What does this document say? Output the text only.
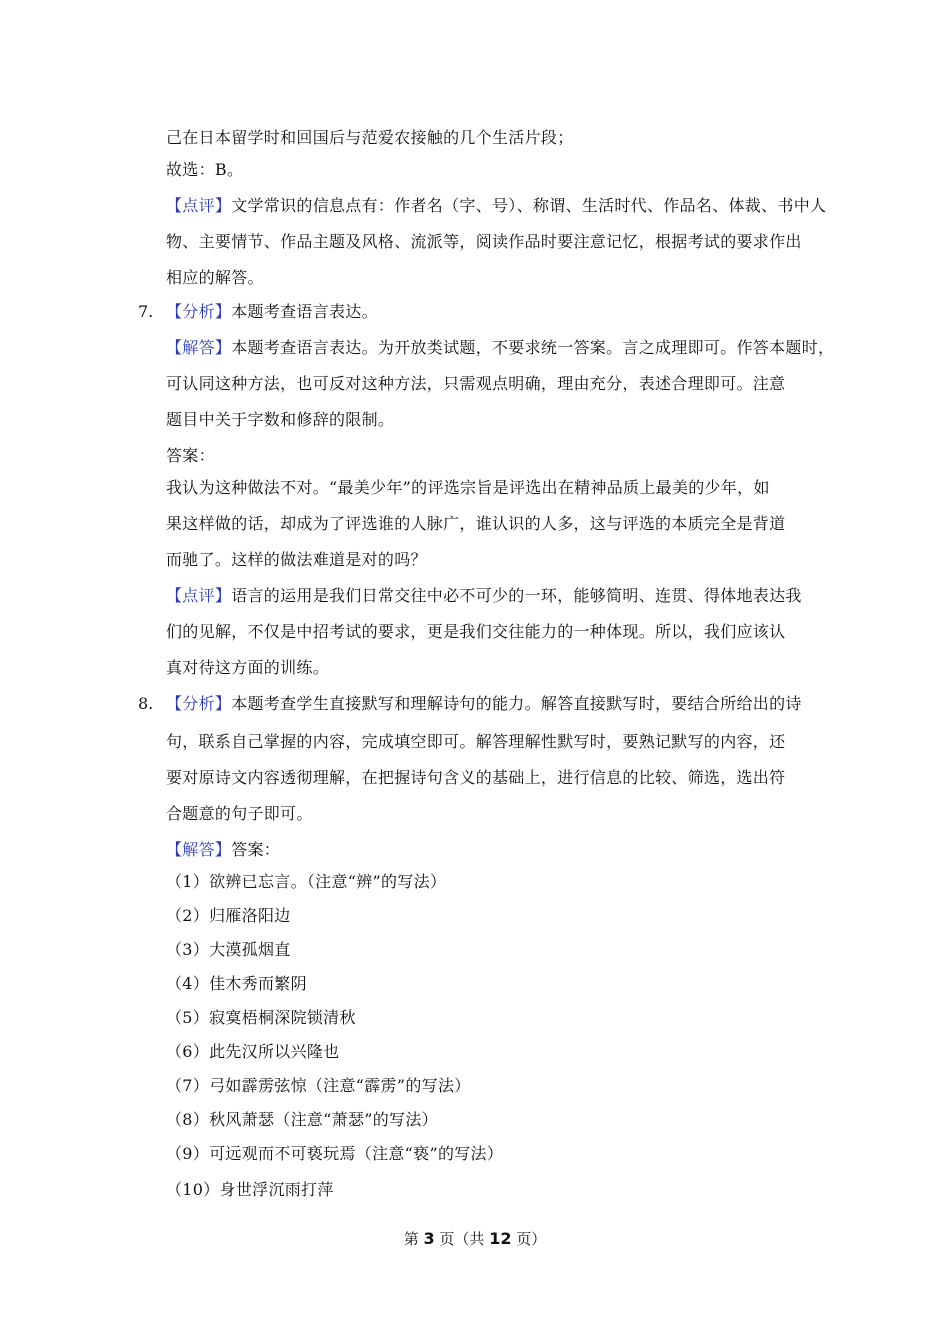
己在日本留学时和回国后与范爱农接触的几个生活片段；
故选：B。
【点评】文学常识的信息点有：作者名（字、号）、称谓、生活时代、作品名、体裁、书中人
物、主要情节、作品主题及风格、流派等，阅读作品时要注意记忆，根据考试的要求作出
相应的解答。
7. 【分析】本题考查语言表达。
【解答】本题考查语言表达。为开放类试题，不要求统一答案。言之成理即可。作答本题时，
可认同这种方法，也可反对这种方法，只需观点明确，理由充分，表述合理即可。注意
题目中关于字数和修辞的限制。
答案：
我认为这种做法不对。“最美少年”的评选宗旨是评选出在精神品质上最美的少年，如
果这样做的话，却成为了评选谁的人脉广，谁认识的人多，这与评选的本质完全是背道
而驰了。这样的做法难道是对的吗？
【点评】语言的运用是我们日常交往中必不可少的一环，能够简明、连贯、得体地表达我
们的见解，不仅是中招考试的要求，更是我们交往能力的一种体现。所以，我们应该认
真对待这方面的训练。
8. 【分析】本题考查学生直接默写和理解诗句的能力。解答直接默写时，要结合所给出的诗
句，联系自己掌握的内容，完成填空即可。解答理解性默写时，要熟记默写的内容，还
要对原诗文内容透彻理解，在把握诗句含义的基础上，进行信息的比较、筛选，选出符
合题意的句子即可。
【解答】答案：
（1）欲辨已忘言。（注意“辨”的写法）
（2）归雁洛阳边
（3）大漠孤烟直
（4）佳木秀而繁阴
（5）寂寞梧桐深院锁清秋
（6）此先汉所以兴隆也
（7）弓如霹雳弦惊（注意“霹雳”的写法）
（8）秋风萧瑟（注意“萧瑟”的写法）
（9）可远观而不可亵玩焉（注意“亵”的写法）
（10）身世浮沉雨打萍
第 3 页（共 12 页）
